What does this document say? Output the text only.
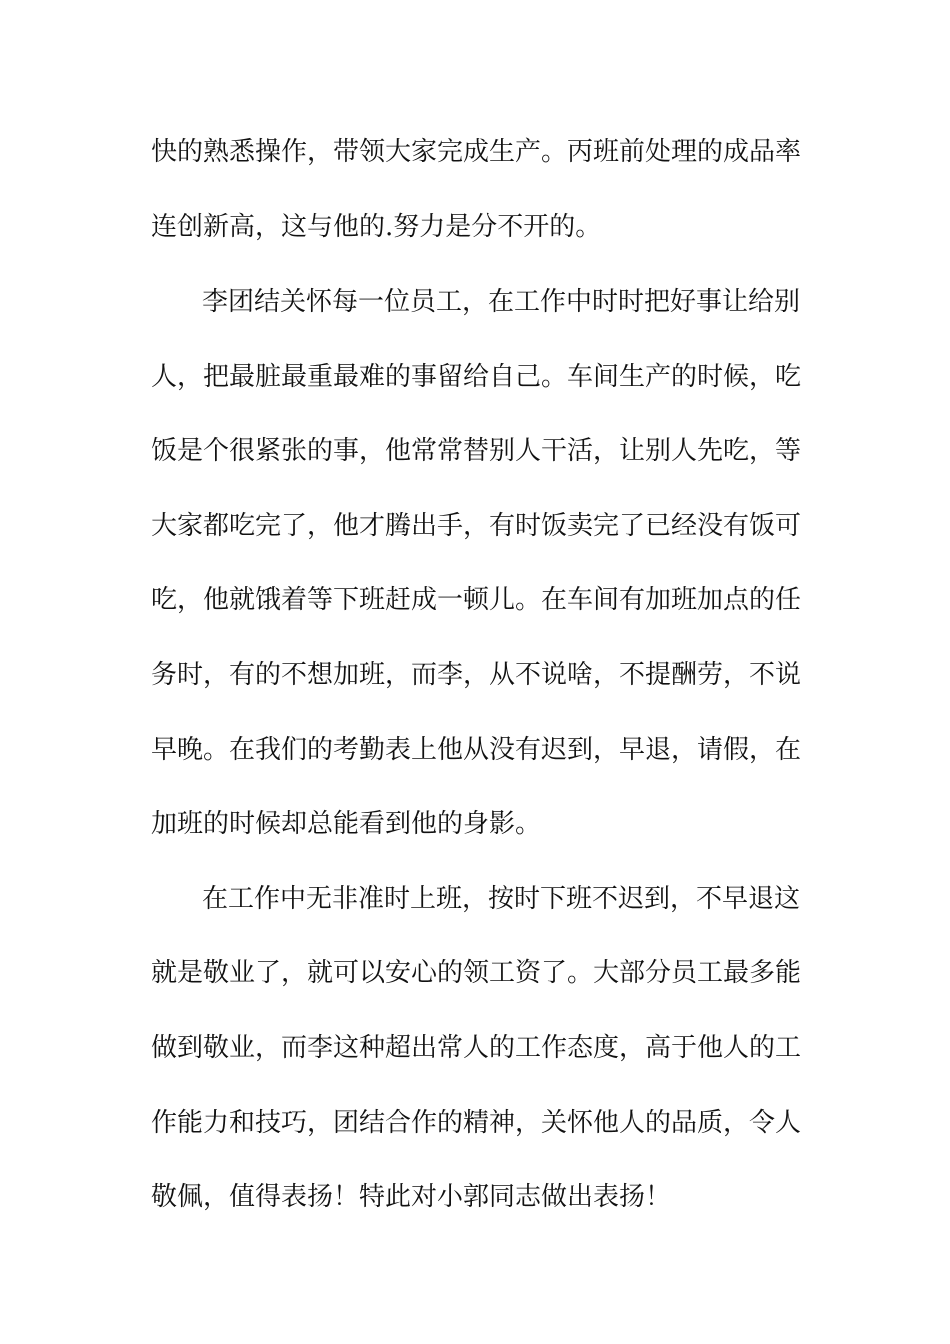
快的熟悉操作，带领大家完成生产。丙班前处理的成品率
连创新高，这与他的.努力是分不开的。
李团结关怀每一位员工，在工作中时时把好事让给别
人，把最脏最重最难的事留给自己。车间生产的时候，吃
饭是个很紧张的事，他常常替别人干活，让别人先吃，等
大家都吃完了，他才腾出手，有时饭卖完了已经没有饭可
吃，他就饿着等下班赶成一顿儿。在车间有加班加点的任
务时，有的不想加班，而李，从不说啥，不提酬劳，不说
早晚。在我们的考勤表上他从没有迟到，早退，请假，在
加班的时候却总能看到他的身影。
在工作中无非准时上班，按时下班不迟到，不早退这
就是敬业了，就可以安心的领工资了。大部分员工最多能
做到敬业，而李这种超出常人的工作态度，高于他人的工
作能力和技巧，团结合作的精神，关怀他人的品质，令人
敬佩，值得表扬！特此对小郭同志做出表扬！
